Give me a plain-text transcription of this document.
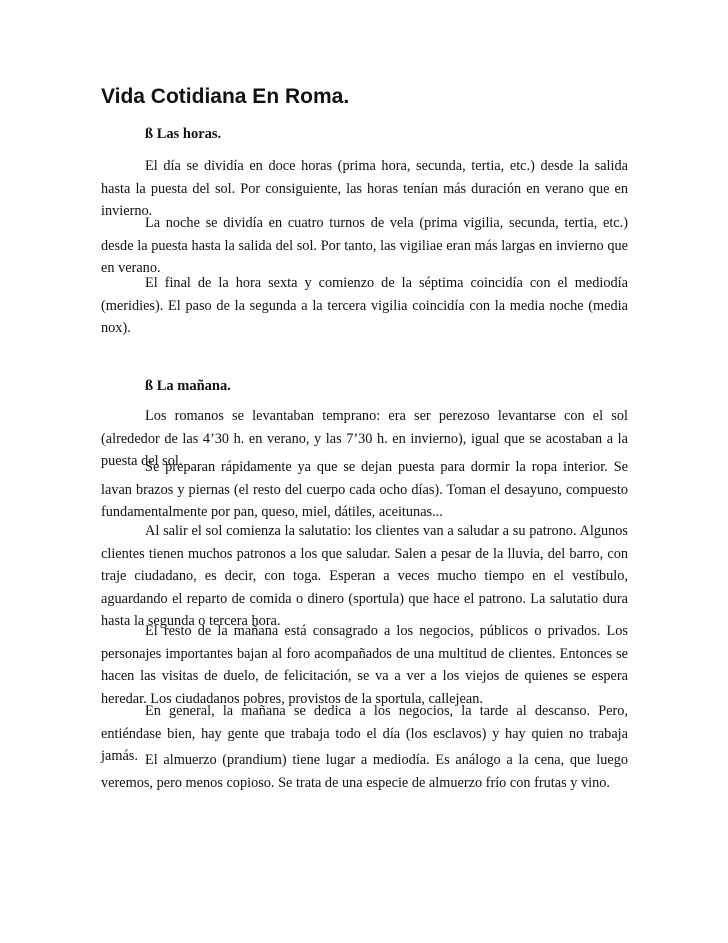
Vida Cotidiana En Roma.

ß Las horas.

El día se dividía en doce horas (prima hora, secunda, tertia, etc.) desde la salida hasta la puesta del sol. Por consiguiente, las horas tenían más duración en verano que en invierno.

La noche se dividía en cuatro turnos de vela (prima vigilia, secunda, tertia, etc.) desde la puesta hasta la salida del sol. Por tanto, las vigiliae eran más largas en invierno que en verano.

El final de la hora sexta y comienzo de la séptima coincidía con el mediodía (meridies). El paso de la segunda a la tercera vigilia coincidía con la media noche (media nox).

ß La mañana.

Los romanos se levantaban temprano: era ser perezoso levantarse con el sol (alrededor de las 4’30 h. en verano, y las 7’30 h. en invierno), igual que se acostaban a la puesta del sol.

Se preparan rápidamente ya que se dejan puesta para dormir la ropa interior. Se lavan brazos y piernas (el resto del cuerpo cada ocho días). Toman el desayuno, compuesto fundamentalmente por pan, queso, miel, dátiles, aceitunas...

Al salir el sol comienza la salutatio: los clientes van a saludar a su patrono. Algunos clientes tienen muchos patronos a los que saludar. Salen a pesar de la lluvia, del barro, con traje ciudadano, es decir, con toga. Esperan a veces mucho tiempo en el vestíbulo, aguardando el reparto de comida o dinero (sportula) que hace el patrono. La salutatio dura hasta la segunda o tercera hora.

El resto de la mañana está consagrado a los negocios, públicos o privados. Los personajes importantes bajan al foro acompañados de una multitud de clientes. Entonces se hacen las visitas de duelo, de felicitación, se va a ver a los viejos de quienes se espera heredar. Los ciudadanos pobres, provistos de la sportula, callejean.

En general, la mañana se dedica a los negocios, la tarde al descanso. Pero, entiéndase bien, hay gente que trabaja todo el día (los esclavos) y hay quien no trabaja jamás. El almuerzo (prandium) tiene lugar a mediodía. Es análogo a la cena, que luego veremos, pero menos copioso. Se trata de una especie de almuerzo frío con frutas y vino.
